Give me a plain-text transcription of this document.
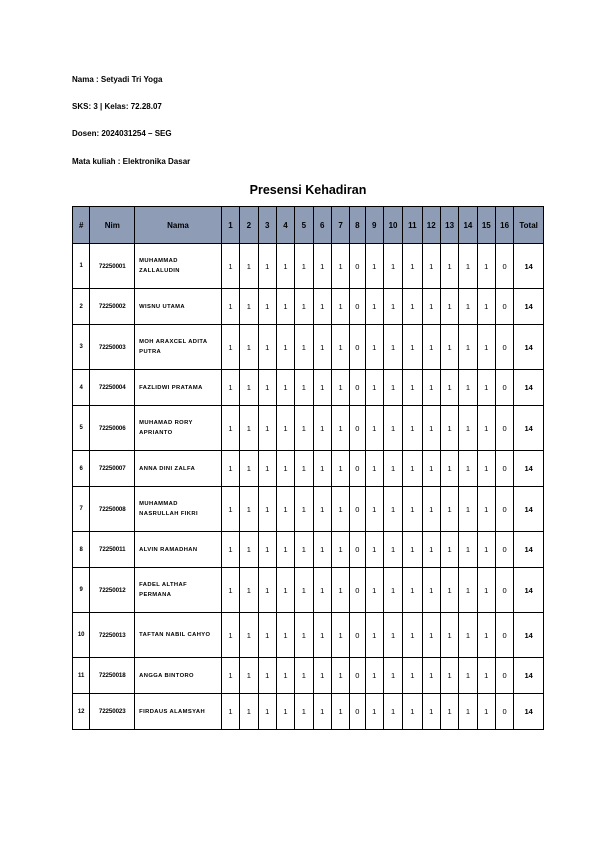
Nama : Setyadi Tri Yoga
SKS: 3 | Kelas: 72.28.07
Dosen: 2024031254 – SEG
Mata kuliah : Elektronika Dasar
Presensi Kehadiran
#	Nim	Nama	1	2	3	4	5	6	7	8	9	10	11	12	13	14	15	16	Total
1	72250001	MUHAMMAD ZALLALUDIN	1	1	1	1	1	1	1	0	1	1	1	1	1	1	1	0	14
2	72250002	WISNU UTAMA	1	1	1	1	1	1	1	0	1	1	1	1	1	1	1	0	14
3	72250003	MOH ARAXCEL ADITA PUTRA	1	1	1	1	1	1	1	0	1	1	1	1	1	1	1	0	14
4	72250004	FAZLIDWI PRATAMA	1	1	1	1	1	1	1	0	1	1	1	1	1	1	1	0	14
5	72250006	MUHAMAD RORY APRIANTO	1	1	1	1	1	1	1	0	1	1	1	1	1	1	1	0	14
6	72250007	ANNA DINI ZALFA	1	1	1	1	1	1	1	0	1	1	1	1	1	1	1	0	14
7	72250008	MUHAMMAD NASRULLAH FIKRI	1	1	1	1	1	1	1	0	1	1	1	1	1	1	1	0	14
8	72250011	ALVIN RAMADHAN	1	1	1	1	1	1	1	0	1	1	1	1	1	1	1	0	14
9	72250012	FADEL ALTHAF PERMANA	1	1	1	1	1	1	1	0	1	1	1	1	1	1	1	0	14
10	72250013	TAFTAN NABIL CAHYO	1	1	1	1	1	1	1	0	1	1	1	1	1	1	1	0	14
11	72250018	ANGGA BINTORO	1	1	1	1	1	1	1	0	1	1	1	1	1	1	1	0	14
12	72250023	FIRDAUS ALAMSYAH	1	1	1	1	1	1	1	0	1	1	1	1	1	1	1	0	14
